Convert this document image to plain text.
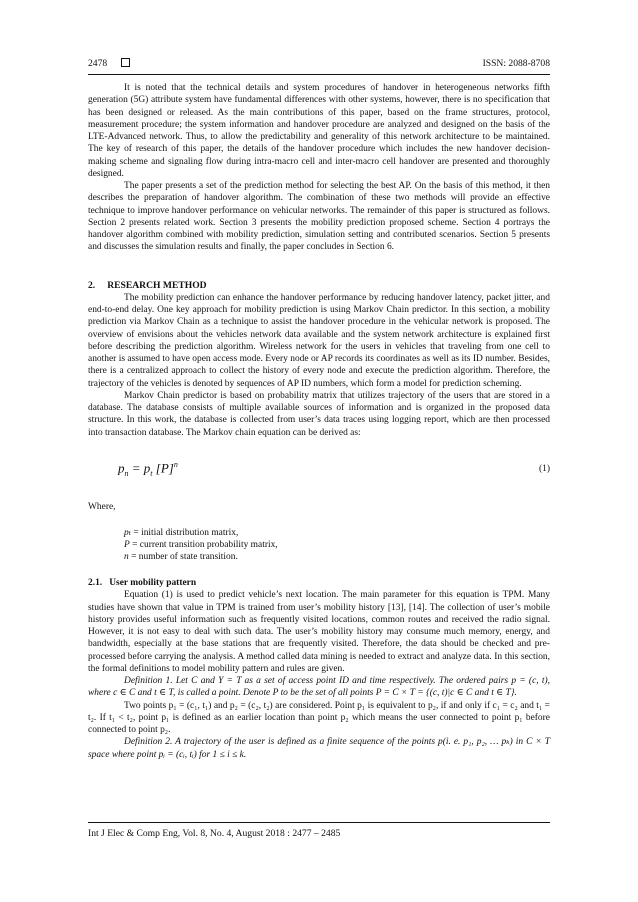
2478	ISSN: 2088-8708

It is noted that the technical details and system procedures of handover in heterogeneous networks fifth generation (5G) attribute system have fundamental differences with other systems, however, there is no specification that has been designed or released. As the main contributions of this paper, based on the frame structures, protocol, measurement procedure; the system information and handover procedure are analyzed and designed on the basis of the LTE-Advanced network. Thus, to allow the predictability and generality of this network architecture to be maintained. The key of research of this paper, the details of the handover procedure which includes the new handover decision-making scheme and signaling flow during intra-macro cell and inter-macro cell handover are presented and thoroughly designed.

The paper presents a set of the prediction method for selecting the best AP. On the basis of this method, it then describes the preparation of handover algorithm. The combination of these two methods will provide an effective technique to improve handover performance on vehicular networks. The remainder of this paper is structured as follows. Section 2 presents related work. Section 3 presents the mobility prediction proposed scheme. Section 4 portrays the handover algorithm combined with mobility prediction, simulation setting and contributed scenarios. Section 5 presents and discusses the simulation results and finally, the paper concludes in Section 6.

2.     RESEARCH METHOD

The mobility prediction can enhance the handover performance by reducing handover latency, packet jitter, and end-to-end delay. One key approach for mobility prediction is using Markov Chain predictor. In this section, a mobility prediction via Markov Chain as a technique to assist the handover procedure in the vehicular network is proposed. The overview of envisions about the vehicles network data available and the system network architecture is explained first before describing the prediction algorithm. Wireless network for the users in vehicles that traveling from one cell to another is assumed to have open access mode. Every node or AP records its coordinates as well as its ID number. Besides, there is a centralized approach to collect the history of every node and execute the prediction algorithm. Therefore, the trajectory of the vehicles is denoted by sequences of AP ID numbers, which form a model for prediction scheming.

Markov Chain predictor is based on probability matrix that utilizes trajectory of the users that are stored in a database. The database consists of multiple available sources of information and is organized in the proposed data structure. In this work, the database is collected from user’s data traces using logging report, which are then processed into transaction database. The Markov chain equation can be derived as:

$p_n = p_t$ $[P]^n$	(1)

Where,

pₜ = initial distribution matrix,
P = current transition probability matrix,
n = number of state transition.
2.1.   User mobility pattern

Equation (1) is used to predict vehicle’s next location. The main parameter for this equation is TPM. Many studies have shown that value in TPM is trained from user’s mobility history [13], [14]. The collection of user’s mobile history provides useful information such as frequently visited locations, common routes and received the radio signal. However, it is not easy to deal with such data. The user’s mobility history may consume much memory, energy, and bandwidth, especially at the base stations that are frequently visited. Therefore, the data should be checked and pre-processed before carrying the analysis. A method called data mining is needed to extract and analyze data. In this section, the formal definitions to model mobility pattern and rules are given.

Definition 1. Let C and Y = T as a set of access point ID and time respectively. The ordered pairs p = (c, t), where c ∈ C and t ∈ T, is called a point. Denote P to be the set of all points P = C × T = {(c, t)|c ∈ C and t ∈ T}.

Two points p₁ = (c₁, t₁) and p₂ = (c₂, t₂) are considered. Point p₁ is equivalent to p₂, if and only if c₁ = c₂ and t₁ = t₂. If t₁ < t₂, point p₁ is defined as an earlier location than point p₂ which means the user connected to point p₁ before connected to point p₂.

Definition 2. A trajectory of the user is defined as a finite sequence of the points p(i. e. p₁, p₂, … pₖ) in C × T space where point pᵢ = (cᵢ, tᵢ) for 1 ≤ i ≤ k.

Int J Elec & Comp Eng, Vol. 8, No. 4, August 2018 : 2477 – 2485
